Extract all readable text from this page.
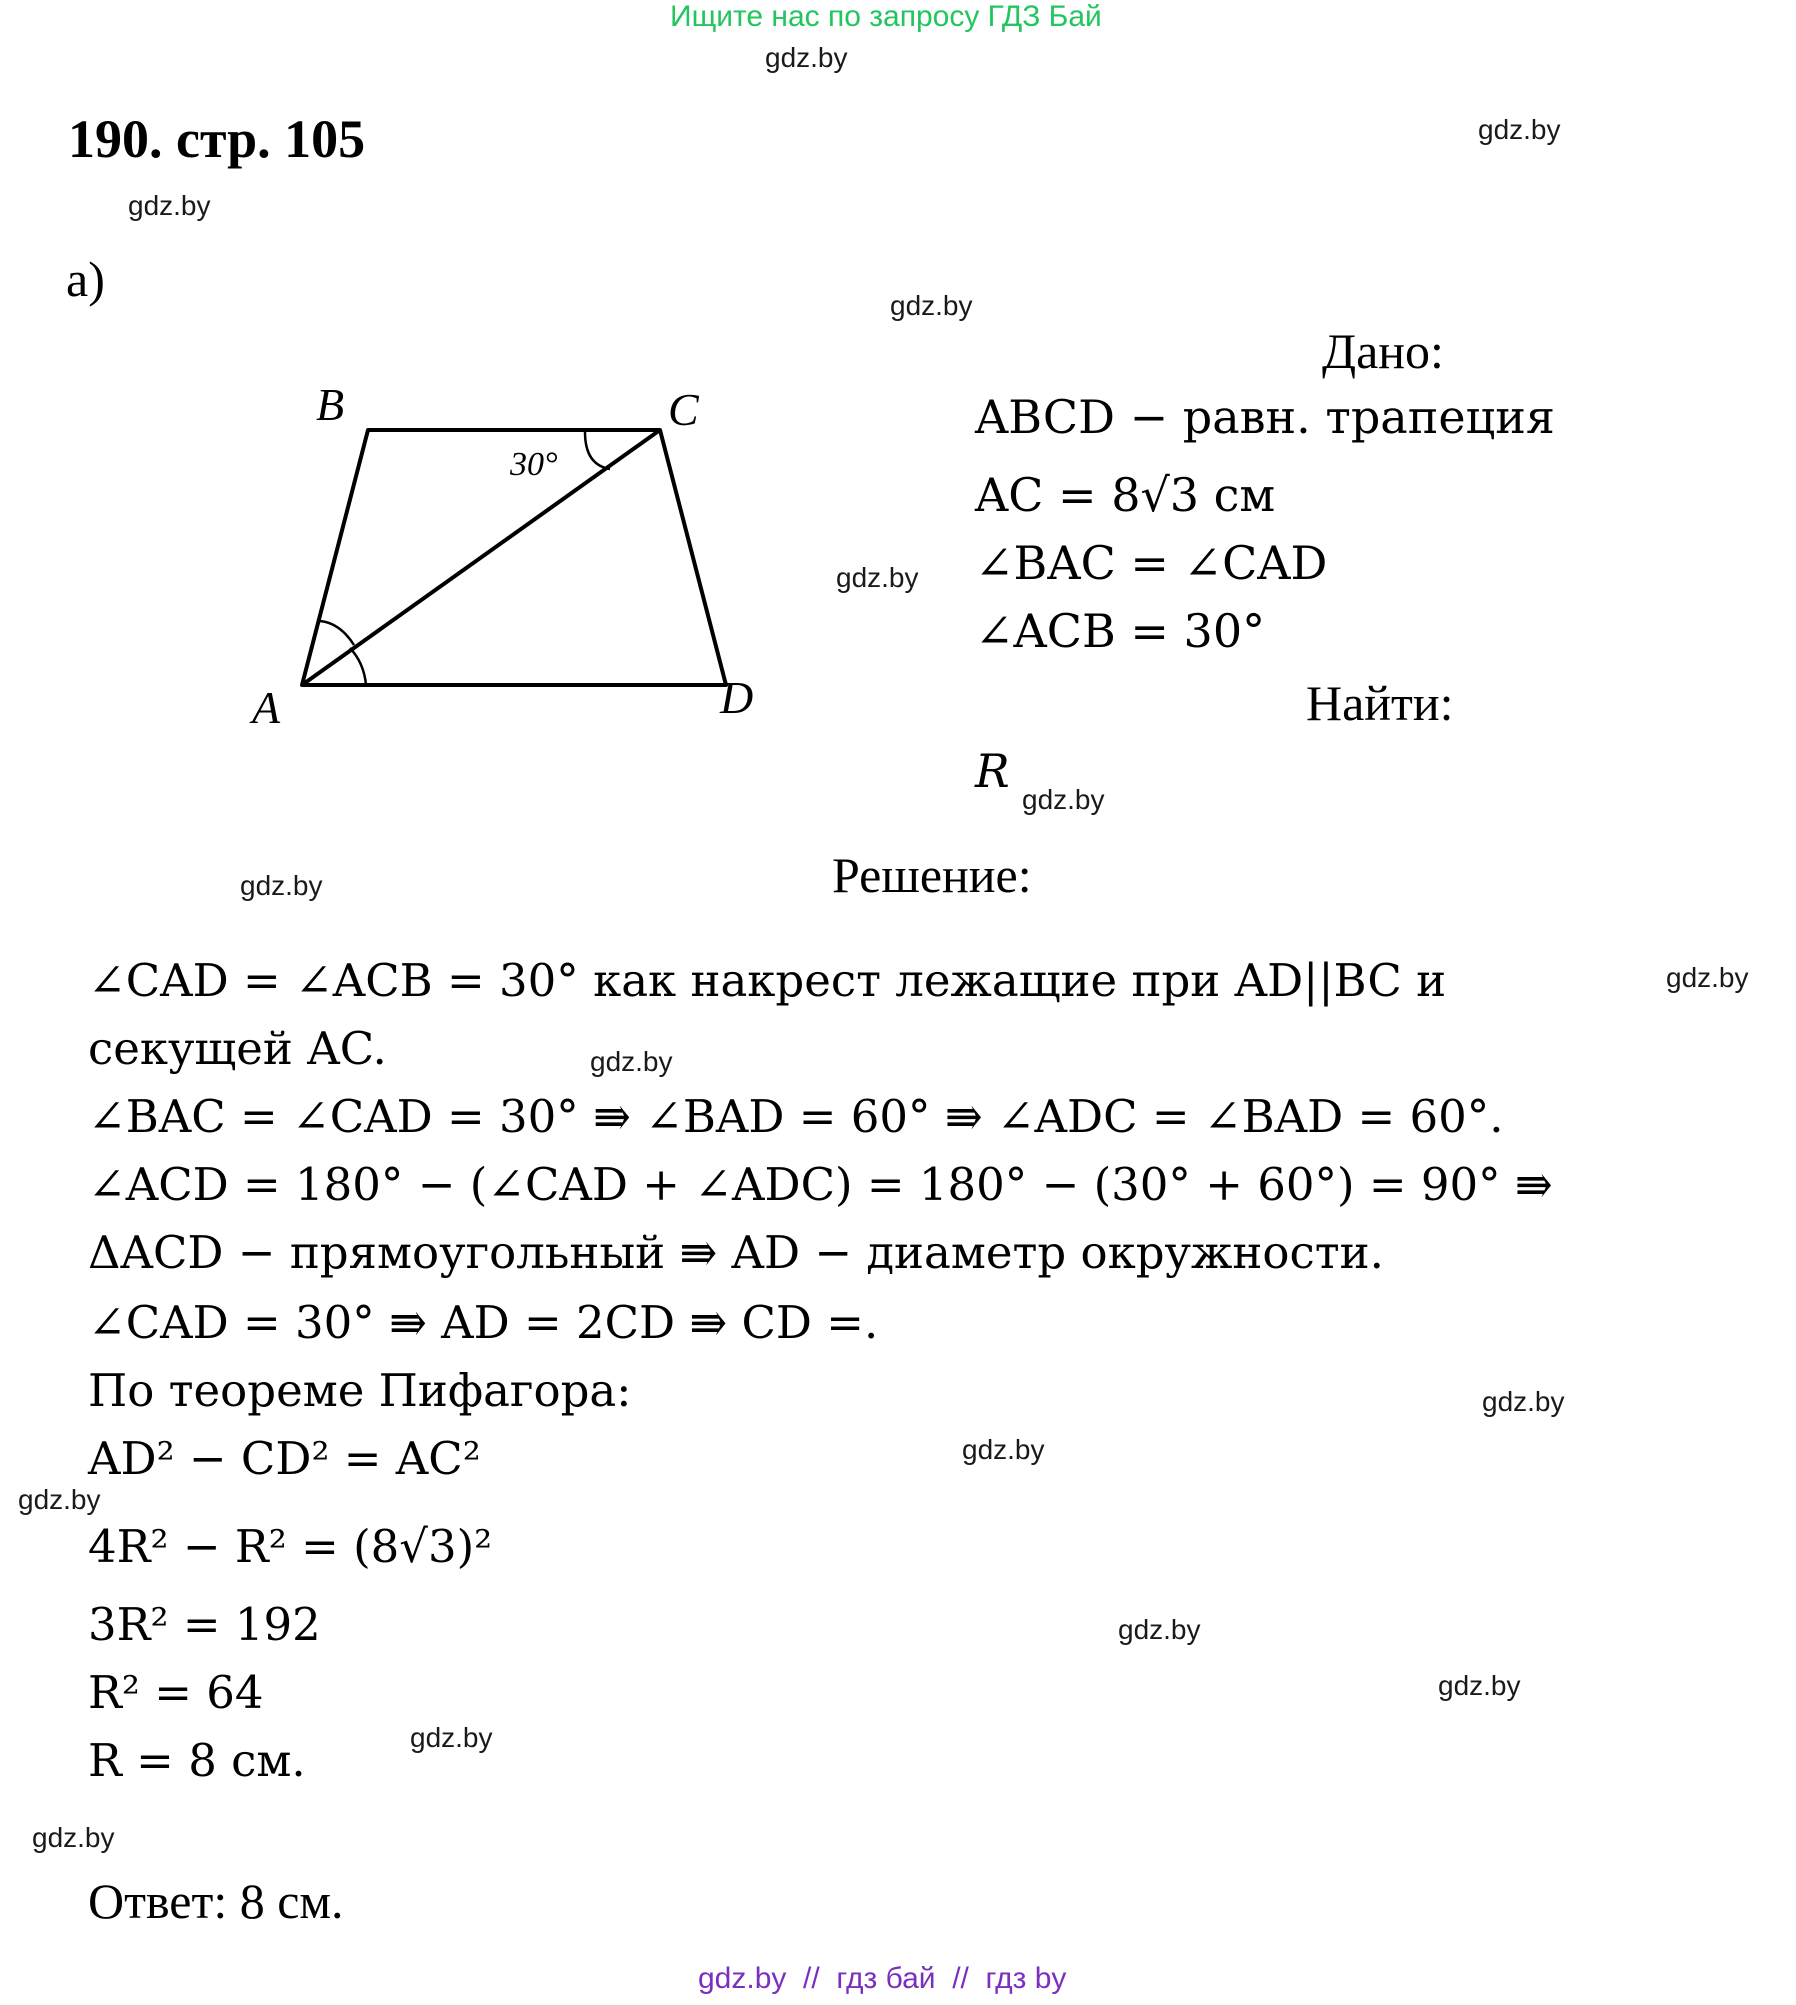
Ищите нас по запросу ГДЗ Бай
gdz.by
190. стр. 105
а)
B	C
A	D
30°
Дано:
ABCD − равн. трапеция
AC = 8√3 см
∠BAC = ∠CAD
∠ACB = 30°
Найти:
R
Решение:
∠CAD = ∠ACB = 30° как накрест лежащие при AD||BC и
секущей AC.
∠BAC = ∠CAD = 30° ⇛ ∠BAD = 60° ⇛ ∠ADC = ∠BAD = 60°.
∠ACD = 180° − (∠CAD + ∠ADC) = 180° − (30° + 60°) = 90° ⇛
ΔACD − прямоугольный ⇛ AD − диаметр окружности.
∠CAD = 30° ⇛ AD = 2CD ⇛ CD =.
По теореме Пифагора:
AD² − CD² = AC²
4R² − R² = (8√3)²
3R² = 192
R² = 64
R = 8 см.
Ответ: 8 см.
gdz.by
gdz.by
gdz.by
gdz.by
gdz.by
gdz.by
gdz.by
gdz.by
gdz.by
gdz.by
gdz.by
gdz.by
gdz.by
gdz.by
gdz.by
gdz.by  //  гдз бай  //  гдз by
